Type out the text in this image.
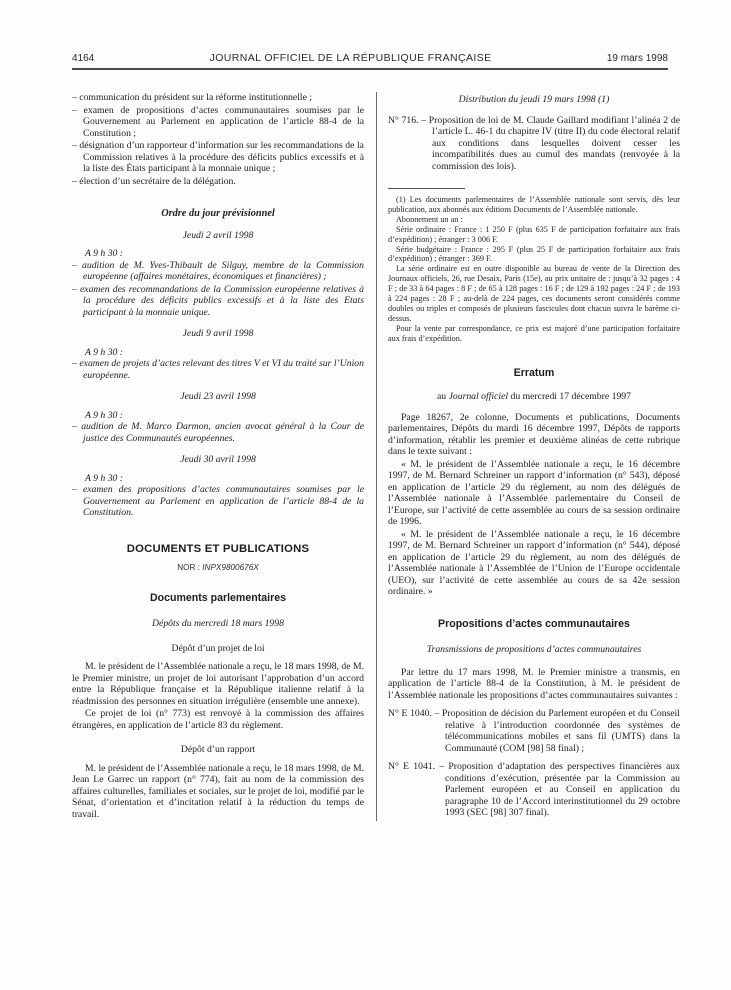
4164	JOURNAL OFFICIEL DE LA RÉPUBLIQUE FRANÇAISE	19 mars 1998

– communication du président sur la réforme institutionnelle ;

– examen de propositions d’actes communautaires soumises par le Gouvernement au Parlement en application de l’article 88-4 de la Constitution ;

– désignation d’un rapporteur d’information sur les recommandations de la Commission relatives à la procédure des déficits publics excessifs et à la liste des États participant à la monnaie unique ;

– élection d’un secrétaire de la délégation.

Ordre du jour prévisionnel

Jeudi 2 avril 1998

A 9 h 30 :

– audition de M. Yves-Thibault de Silguy, membre de la Commission européenne (affaires monétaires, économiques et financières) ;

– examen des recommandations de la Commission européenne relatives à la procédure des déficits publics excessifs et à la liste des Etats participant à la monnaie unique.

Jeudi 9 avril 1998

A 9 h 30 :

– examen de projets d’actes relevant des titres V et VI du traité sur l’Union européenne.

Jeudi 23 avril 1998

A 9 h 30 :

– audition de M. Marco Darmon, ancien avocat général à la Cour de justice des Communautés européennes.

Jeudi 30 avril 1998

A 9 h 30 :

– examen des propositions d’actes communautaires soumises par le Gouvernement au Parlement en application de l’article 88-4 de la Constitution.

DOCUMENTS ET PUBLICATIONS

NOR : INPX9800676X

Documents parlementaires

Dépôts du mercredi 18 mars 1998

Dépôt d’un projet de loi

M. le président de l’Assemblée nationale a reçu, le 18 mars 1998, de M. le Premier ministre, un projet de loi autorisant l’approbation d’un accord entre la République française et la République italienne relatif à la réadmission des personnes en situation irrégulière (ensemble une annexe).

Ce projet de loi (n° 773) est renvoyé à la commission des affaires étrangères, en application de l’article 83 du règlement.

Dépôt d’un rapport

M. le président de l’Assemblée nationale a reçu, le 18 mars 1998, de M. Jean Le Garrec un rapport (n° 774), fait au nom de la commission des affaires culturelles, familiales et sociales, sur le projet de loi, modifié par le Sénat, d’orientation et d’incitation relatif à la réduction du temps de travail.

Distribution du jeudi 19 mars 1998 (1)

N° 716. – Proposition de loi de M. Claude Gaillard modifiant l’alinéa 2 de l’article L. 46-1 du chapitre IV (titre II) du code électoral relatif aux conditions dans lesquelles doivent cesser les incompatibilités dues au cumul des mandats (renvoyée à la commission des lois).

(1) Les documents parlementaires de l’Assemblée nationale sont servis, dès leur publication, aux abonnés aux éditions Documents de l’Assemblée nationale.

Abonnement un an :

Série ordinaire : France : 1 250 F (plus 635 F de participation forfaitaire aux frais d’expédition) ; étranger : 3 006 F.

Série budgétaire : France : 295 F (plus 25 F de participation forfaitaire aux frais d’expédition) ; étranger : 369 F.

La série ordinaire est en outre disponible au bureau de vente de la Direction des Journaux officiels, 26, rue Desaix, Paris (15e), au prix unitaire de : jusqu’à 32 pages : 4 F ; de 33 à 64 pages : 8 F ; de 65 à 128 pages : 16 F ; de 129 à 192 pages : 24 F ; de 193 à 224 pages : 28 F ; au-delà de 224 pages, ces documents seront considérés comme doubles ou triples et composés de plusieurs fascicules dont chacun suivra le barème ci-dessus.

Pour la vente par correspondance, ce prix est majoré d’une participation forfaitaire aux frais d’expédition.

Erratum

au Journal officiel du mercredi 17 décembre 1997

Page 18267, 2e colonne, Documents et publications, Documents parlementaires, Dépôts du mardi 16 décembre 1997, Dépôts de rapports d’information, rétablir les premier et deuxième alinéas de cette rubrique dans le texte suivant :

« M. le président de l’Assemblée nationale a reçu, le 16 décembre 1997, de M. Bernard Schreiner un rapport d’information (n° 543), déposé en application de l’article 29 du règlement, au nom des délégués de l’Assemblée nationale à l’Assemblée parlementaire du Conseil de l’Europe, sur l’activité de cette assemblée au cours de sa session ordinaire de 1996.

« M. le président de l’Assemblée nationale a reçu, le 16 décembre 1997, de M. Bernard Schreiner un rapport d’information (n° 544), déposé en application de l’article 29 du règlement, au nom des délégués de l’Assemblée nationale à l’Assemblée de l’Union de l’Europe occidentale (UEO), sur l’activité de cette assemblée au cours de sa 42e session ordinaire. »

Propositions d’actes communautaires

Transmissions de propositions d’actes communautaires

Par lettre du 17 mars 1998, M. le Premier ministre a transmis, en application de l’article 88-4 de la Constitution, à M. le président de l’Assemblée nationale les propositions d’actes communautaires suivantes :

N° E 1040. – Proposition de décision du Parlement européen et du Conseil relative à l’introduction coordonnée des systèmes de télécommunications mobiles et sans fil (UMTS) dans la Communauté (COM [98] 58 final) ;

N° E 1041. – Proposition d’adaptation des perspectives financières aux conditions d’exécution, présentée par la Commission au Parlement européen et au Conseil en application du paragraphe 10 de l’Accord interinstitutionnel du 29 octobre 1993 (SEC [98] 307 final).
